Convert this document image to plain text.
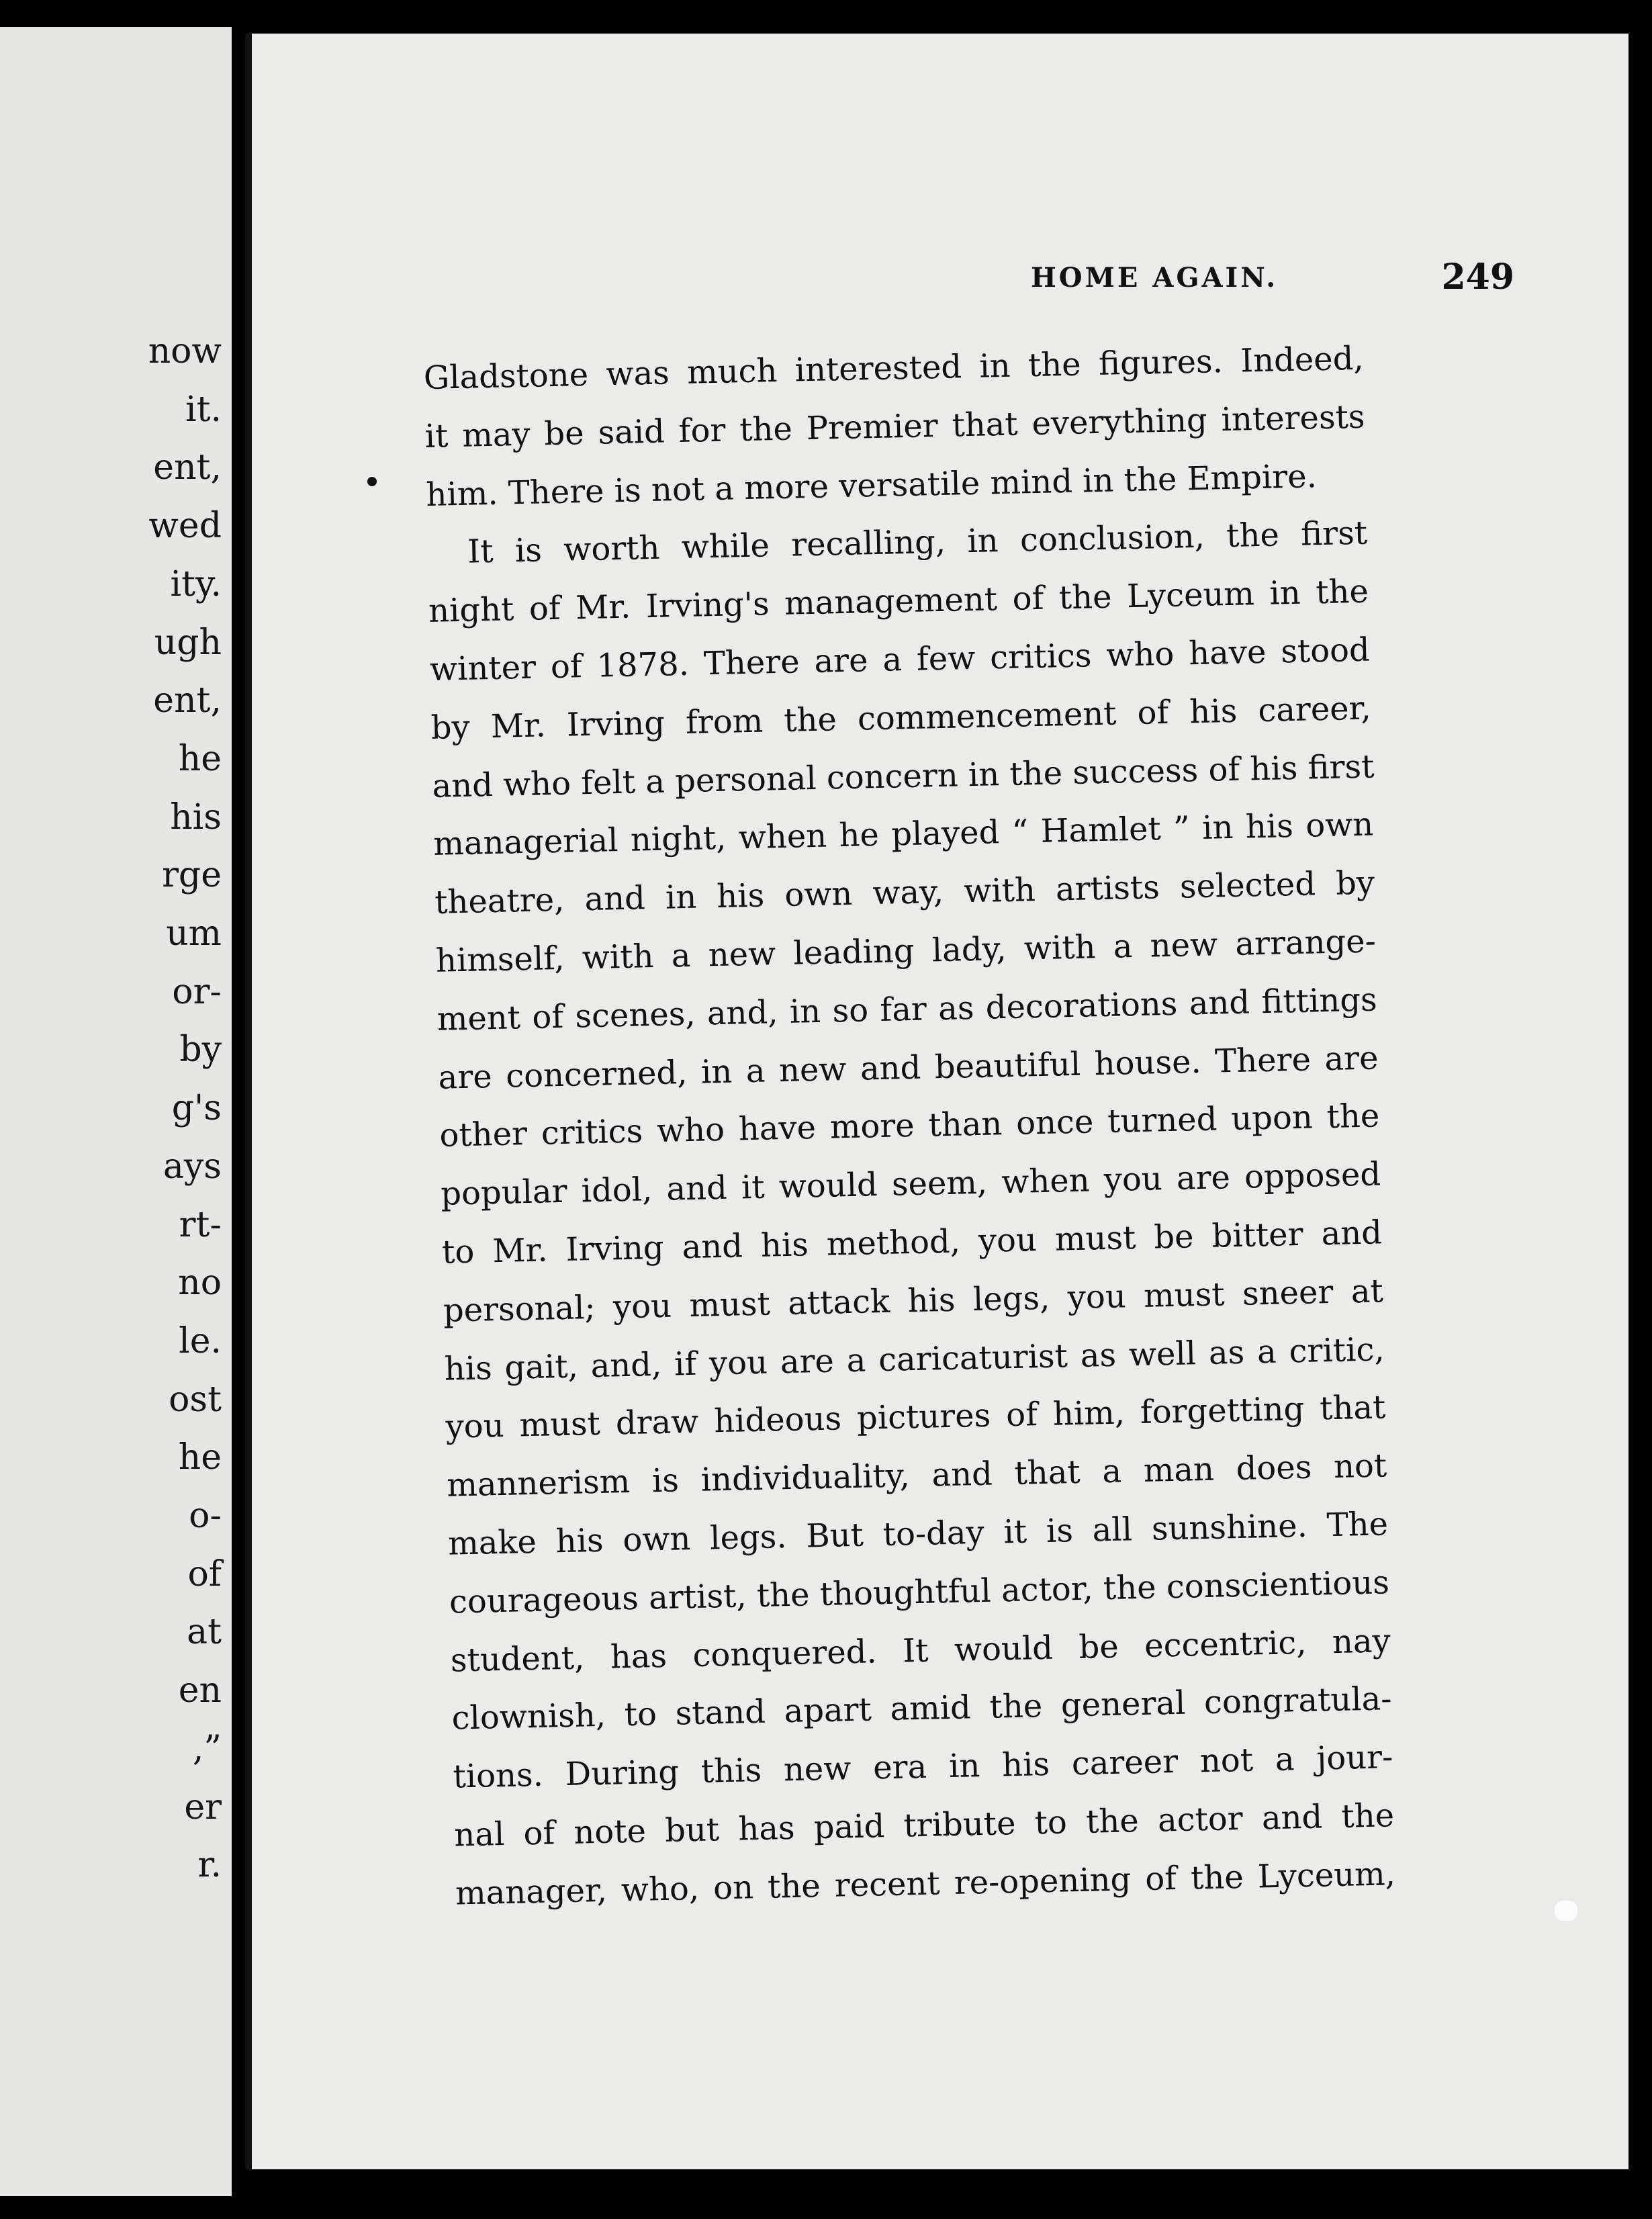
now
it.
ent,
wed
ity.
ugh
ent,
he
his
rge
um
or-
by
g's
ays
rt-
no
le.
ost
he
o-
of
at
en
,”
er
r.
HOME AGAIN.	249
Gladstone was much interested in the figures. Indeed,
it may be said for the Premier that everything interests
him. There is not a more versatile mind in the Empire.
It is worth while recalling, in conclusion, the first
night of Mr. Irving's management of the Lyceum in the
winter of 1878. There are a few critics who have stood
by Mr. Irving from the commencement of his career,
and who felt a personal concern in the success of his first
managerial night, when he played “ Hamlet ” in his own
theatre, and in his own way, with artists selected by
himself, with a new leading lady, with a new arrange-
ment of scenes, and, in so far as decorations and fittings
are concerned, in a new and beautiful house. There are
other critics who have more than once turned upon the
popular idol, and it would seem, when you are opposed
to Mr. Irving and his method, you must be bitter and
personal; you must attack his legs, you must sneer at
his gait, and, if you are a caricaturist as well as a critic,
you must draw hideous pictures of him, forgetting that
mannerism is individuality, and that a man does not
make his own legs. But to-day it is all sunshine. The
courageous artist, the thoughtful actor, the conscientious
student, has conquered. It would be eccentric, nay
clownish, to stand apart amid the general congratula-
tions. During this new era in his career not a jour-
nal of note but has paid tribute to the actor and the
manager, who, on the recent re-opening of the Lyceum,
